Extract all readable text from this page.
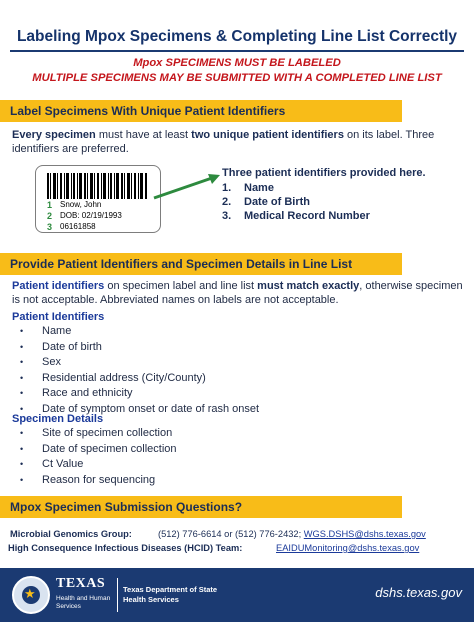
Labeling Mpox Specimens & Completing Line List Correctly
Mpox SPECIMENS MUST BE LABELED
MULTIPLE SPECIMENS MAY BE SUBMITTED WITH A COMPLETED LINE LIST
Label Specimens With Unique Patient Identifiers
Every specimen must have at least two unique patient identifiers on its label. Three identifiers are preferred.
1 Snow, John
2 DOB: 02/19/1993
3 06161858
Three patient identifiers provided here.
1. Name
2. Date of Birth
3. Medical Record Number
Provide Patient Identifiers and Specimen Details in Line List
Patient identifiers on specimen label and line list must match exactly, otherwise specimen is not acceptable. Abbreviated names on labels are not acceptable.
Patient Identifiers
• Name
• Date of birth
• Sex
• Residential address (City/County)
• Race and ethnicity
• Date of symptom onset or date of rash onset
Specimen Details
• Site of specimen collection
• Date of specimen collection
• Ct Value
• Reason for sequencing
Mpox Specimen Submission Questions?
Microbial Genomics Group:	(512) 776-6614 or (512) 776-2432; WGS.DSHS@dshs.texas.gov
High Consequence Infectious Diseases (HCID) Team:	EAIDUMonitoring@dshs.texas.gov
★
TEXAS
Health and Human
Services
Texas Department of State
Health Services	dshs.texas.gov
